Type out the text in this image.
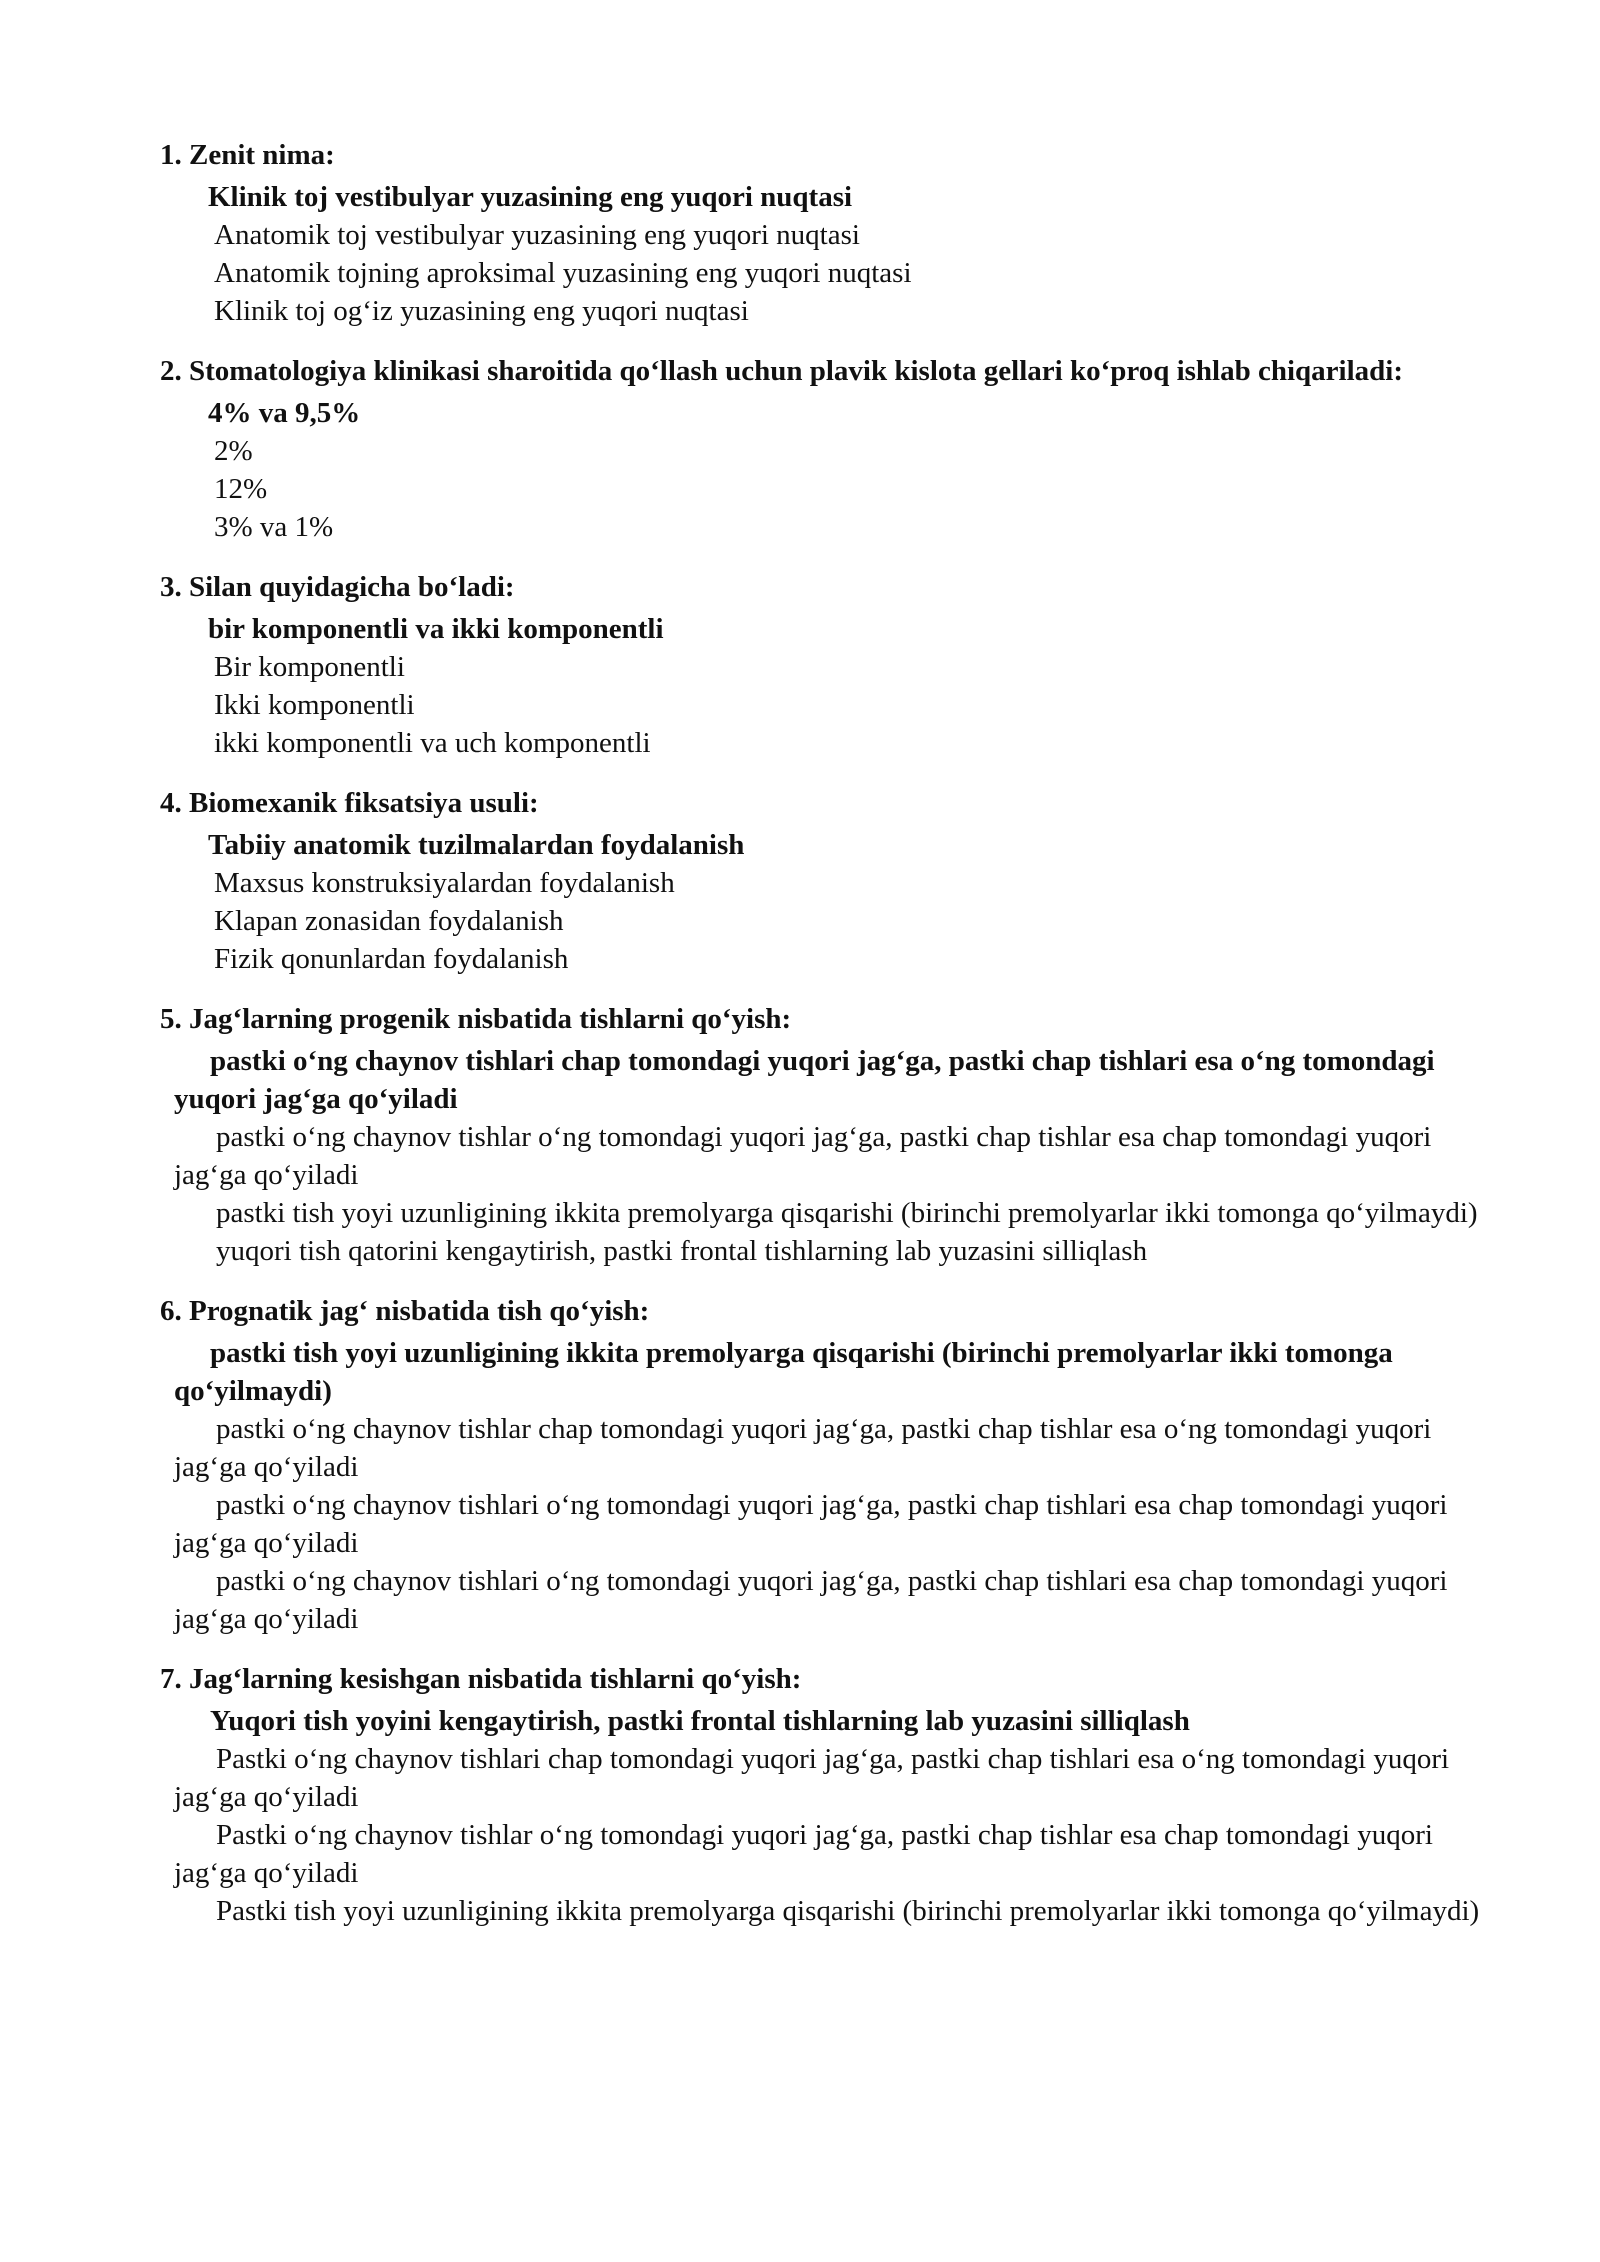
1. Zenit nima:
Klinik toj vestibulyar yuzasining eng yuqori nuqtasi
Anatomik toj vestibulyar yuzasining eng yuqori nuqtasi
Anatomik tojning aproksimal yuzasining eng yuqori nuqtasi
Klinik toj ogʻiz yuzasining eng yuqori nuqtasi
2. Stomatologiya klinikasi sharoitida qoʻllash uchun plavik kislota gellari koʻproq ishlab chiqariladi:
4% va 9,5%
2%
12%
3% va 1%
3. Silan quyidagicha boʻladi:
bir komponentli va ikki komponentli
Bir komponentli
Ikki komponentli
ikki komponentli va uch komponentli
4. Biomexanik fiksatsiya usuli:
Tabiiy anatomik tuzilmalardan foydalanish
Maxsus konstruksiyalardan foydalanish
Klapan zonasidan foydalanish
Fizik qonunlardan foydalanish
5. Jagʻlarning progenik nisbatida tishlarni qoʻyish:
pastki oʻng chaynov tishlari chap tomondagi yuqori jagʻga, pastki chap tishlari esa oʻng tomondagi yuqori jagʻga qoʻyiladi
pastki oʻng chaynov tishlar oʻng tomondagi yuqori jagʻga, pastki chap tishlar esa chap tomondagi yuqori jagʻga qoʻyiladi
pastki tish yoyi uzunligining ikkita premolyarga qisqarishi (birinchi premolyarlar ikki tomonga qoʻyilmaydi)
yuqori tish qatorini kengaytirish, pastki frontal tishlarning lab yuzasini silliqlash
6. Prognatik jagʻ nisbatida tish qoʻyish:
pastki tish yoyi uzunligining ikkita premolyarga qisqarishi (birinchi premolyarlar ikki tomonga qoʻyilmaydi)
pastki oʻng chaynov tishlar chap tomondagi yuqori jagʻga, pastki chap tishlar esa oʻng tomondagi yuqori jagʻga qoʻyiladi
pastki oʻng chaynov tishlari oʻng tomondagi yuqori jagʻga, pastki chap tishlari esa chap tomondagi yuqori jagʻga qoʻyiladi
pastki oʻng chaynov tishlari oʻng tomondagi yuqori jagʻga, pastki chap tishlari esa chap tomondagi yuqori jagʻga qoʻyiladi
7. Jagʻlarning kesishgan nisbatida tishlarni qoʻyish:
Yuqori tish yoyini kengaytirish, pastki frontal tishlarning lab yuzasini silliqlash
Pastki oʻng chaynov tishlari chap tomondagi yuqori jagʻga, pastki chap tishlari esa oʻng tomondagi yuqori jagʻga qoʻyiladi
Pastki oʻng chaynov tishlar oʻng tomondagi yuqori jagʻga, pastki chap tishlar esa chap tomondagi yuqori jagʻga qoʻyiladi
Pastki tish yoyi uzunligining ikkita premolyarga qisqarishi (birinchi premolyarlar ikki tomonga qoʻyilmaydi)
